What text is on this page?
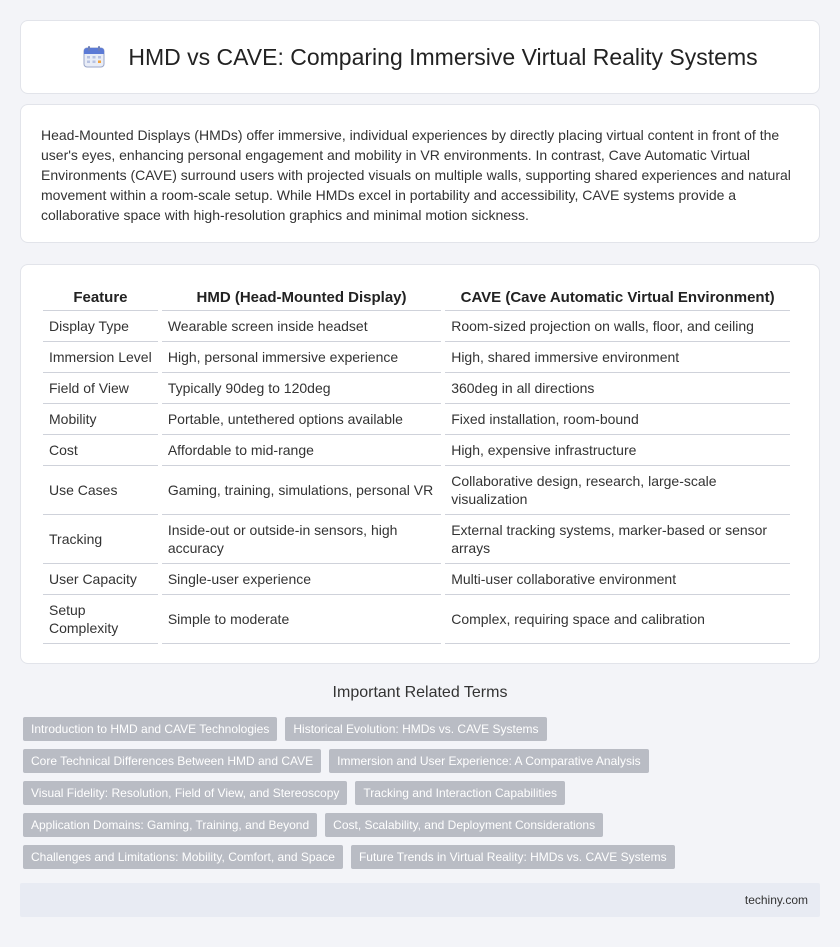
HMD vs CAVE: Comparing Immersive Virtual Reality Systems

Head-Mounted Displays (HMDs) offer immersive, individual experiences by directly placing virtual content in front of the user's eyes, enhancing personal engagement and mobility in VR environments. In contrast, Cave Automatic Virtual Environments (CAVE) surround users with projected visuals on multiple walls, supporting shared experiences and natural movement within a room-scale setup. While HMDs excel in portability and accessibility, CAVE systems provide a collaborative space with high-resolution graphics and minimal motion sickness.

Feature	HMD (Head-Mounted Display)	CAVE (Cave Automatic Virtual Environment)
Display Type	Wearable screen inside headset	Room-sized projection on walls, floor, and ceiling
Immersion Level	High, personal immersive experience	High, shared immersive environment
Field of View	Typically 90deg to 120deg	360deg in all directions
Mobility	Portable, untethered options available	Fixed installation, room-bound
Cost	Affordable to mid-range	High, expensive infrastructure
Use Cases	Gaming, training, simulations, personal VR	Collaborative design, research, large-scale visualization
Tracking	Inside-out or outside-in sensors, high accuracy	External tracking systems, marker-based or sensor arrays
User Capacity	Single-user experience	Multi-user collaborative environment
Setup Complexity	Simple to moderate	Complex, requiring space and calibration
Important Related Terms
Introduction to HMD and CAVE Technologies	Historical Evolution: HMDs vs. CAVE Systems
Core Technical Differences Between HMD and CAVE	Immersion and User Experience: A Comparative Analysis
Visual Fidelity: Resolution, Field of View, and Stereoscopy	Tracking and Interaction Capabilities
Application Domains: Gaming, Training, and Beyond	Cost, Scalability, and Deployment Considerations
Challenges and Limitations: Mobility, Comfort, and Space	Future Trends in Virtual Reality: HMDs vs. CAVE Systems
techiny.com
